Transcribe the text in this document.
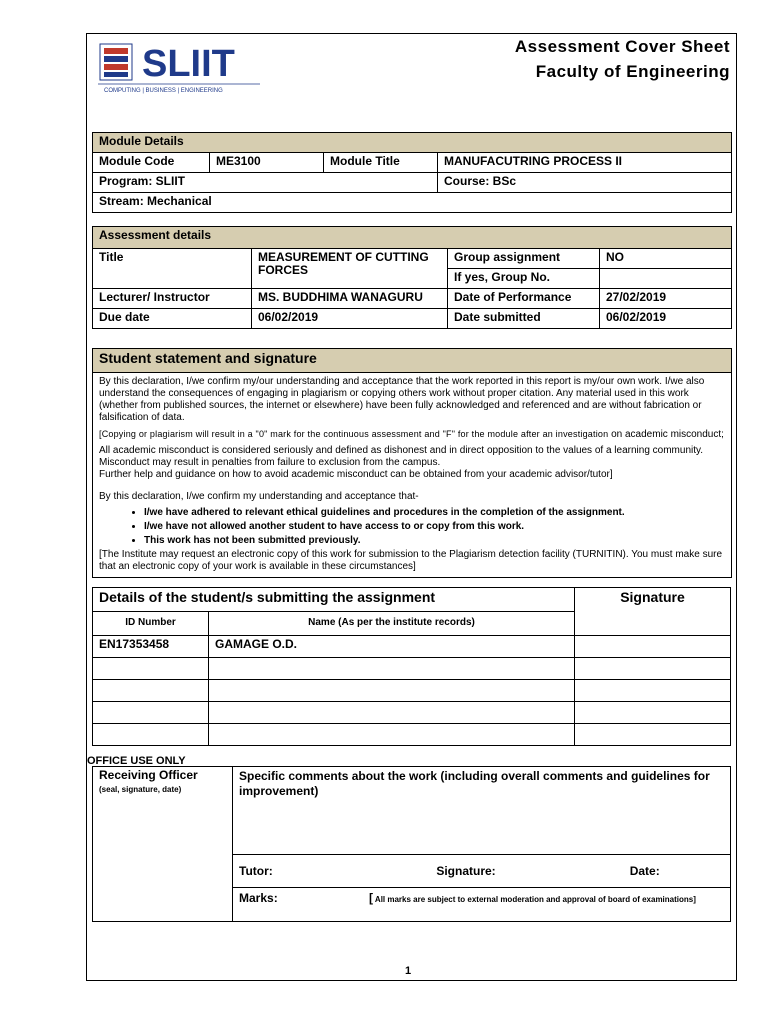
SLIIT
COMPUTING | BUSINESS | ENGINEERING
Assessment Cover Sheet
Faculty of Engineering
Module Details			
Module Code	ME3100	Module Title	MANUFACUTRING PROCESS II
Program: SLIIT			Course: BSc
Stream: Mechanical			
Assessment details			
Title	MEASUREMENT OF CUTTING FORCES	Group assignment	NO
		If yes, Group No.	
Lecturer/ Instructor	MS. BUDDHIMA WANAGURU	Date of Performance	27/02/2019
Due date	06/02/2019	Date submitted	06/02/2019
Student statement and signature

By this declaration, I/we confirm my/our understanding and acceptance that the work reported in this report is my/our own work. I/we also understand the consequences of engaging in plagiarism or copying others work without proper citation. Any material used in this work (whether from published sources, the internet or elsewhere) have been fully acknowledged and referenced and are without fabrication or falsification of data.

[Copying or plagiarism will result in a "0" mark for the continuous assessment and "F" for the module after an investigation on academic misconduct;

All academic misconduct is considered seriously and defined as dishonest and in direct opposition to the values of a learning community. Misconduct may result in penalties from failure to exclusion from the campus.

Further help and guidance on how to avoid academic misconduct can be obtained from your academic advisor/tutor]

By this declaration, I/we confirm my understanding and acceptance that-

• I/we have adhered to relevant ethical guidelines and procedures in the completion of the assignment.
• I/we have not allowed another student to have access to or copy from this work.
• This work has not been submitted previously.

[The Institute may request an electronic copy of this work for submission to the Plagiarism detection facility (TURNITIN). You must make sure that an electronic copy of your work is available in these circumstances]

Details of the student/s submitting the assignment		Signature
ID Number	Name (As per the institute records)	
EN17353458	GAMAGE O.D.	

OFFICE USE ONLY
Receiving Officer
(seal, signature, date)

Specific comments about the work (including overall comments and guidelines for improvement)

Tutor:	Signature:	Date:
Marks:	[ All marks are subject to external moderation and approval of board of examinations]
1
